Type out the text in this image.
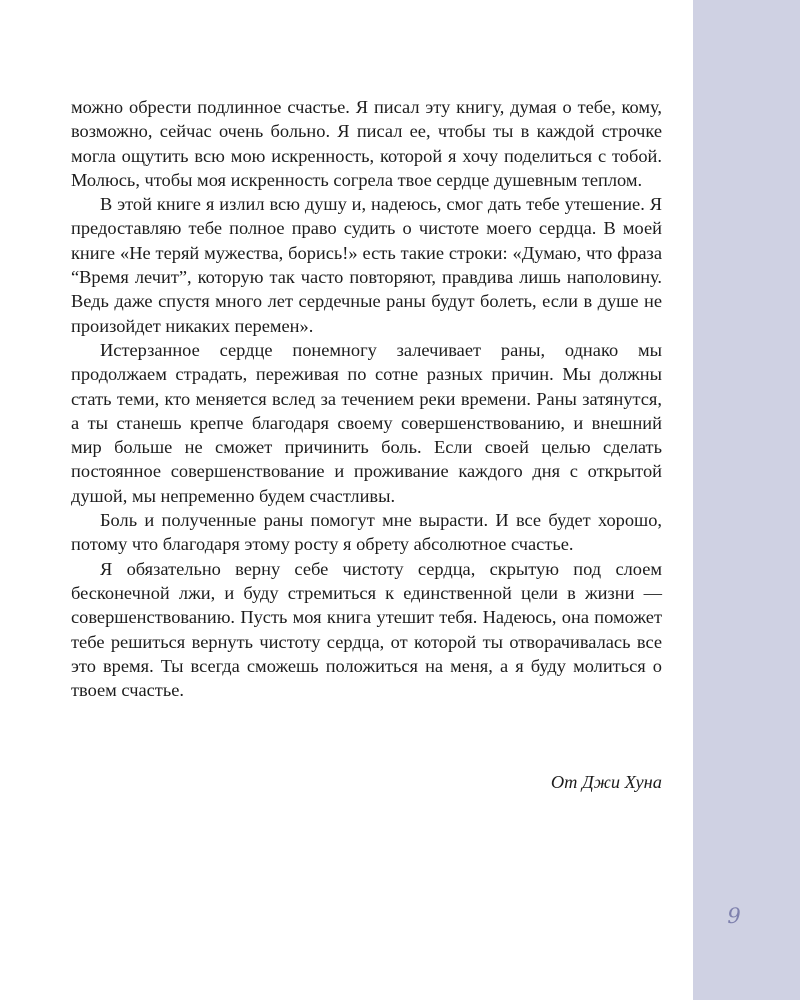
можно обрести подлинное счастье. Я писал эту книгу, думая о тебе, кому, возможно, сейчас очень больно. Я писал ее, чтобы ты в каждой строчке могла ощутить всю мою искренность, которой я хочу поделиться с тобой. Молюсь, чтобы моя искренность согрела твое сердце душевным теплом.

В этой книге я излил всю душу и, надеюсь, смог дать тебе утешение. Я предоставляю тебе полное право судить о чистоте моего сердца. В моей книге «Не теряй мужества, борись!» есть такие строки: «Думаю, что фраза “Время лечит”, которую так часто повторяют, правдива лишь наполовину. Ведь даже спустя много лет сердечные раны будут болеть, если в душе не произойдет никаких перемен».

Истерзанное сердце понемногу залечивает раны, однако мы продолжаем страдать, переживая по сотне разных причин. Мы должны стать теми, кто меняется вслед за течением реки времени. Раны затянутся, а ты станешь крепче благодаря своему совершенствованию, и внешний мир больше не сможет причинить боль. Если своей целью сделать постоянное совершенствование и проживание каждого дня с открытой душой, мы непременно будем счастливы.

Боль и полученные раны помогут мне вырасти. И все будет хорошо, потому что благодаря этому росту я обрету абсолютное счастье.

Я обязательно верну себе чистоту сердца, скрытую под слоем бесконечной лжи, и буду стремиться к единственной цели в жизни — совершенствованию. Пусть моя книга утешит тебя. Надеюсь, она поможет тебе решиться вернуть чистоту сердца, от которой ты отворачивалась все это время. Ты всегда сможешь положиться на меня, а я буду молиться о твоем счастье.

От Джи Хуна
9
